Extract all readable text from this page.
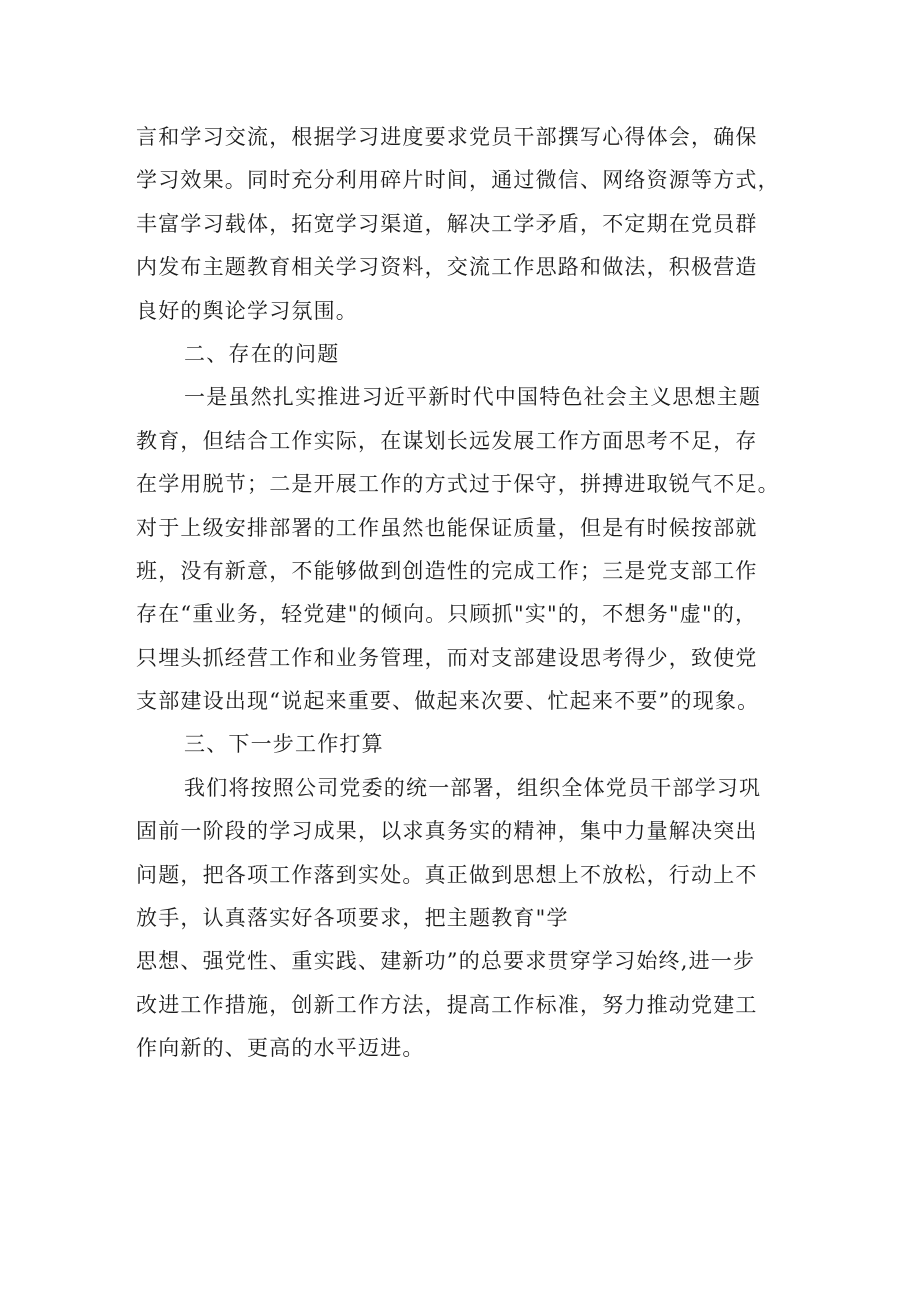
言和学习交流，根据学习进度要求党员干部撰写心得体会，确保
学习效果。同时充分利用碎片时间，通过微信、网络资源等方式，
丰富学习载体，拓宽学习渠道，解决工学矛盾，不定期在党员群
内发布主题教育相关学习资料，交流工作思路和做法，积极营造
良好的舆论学习氛围。
二、存在的问题
一是虽然扎实推进习近平新时代中国特色社会主义思想主题
教育，但结合工作实际，在谋划长远发展工作方面思考不足，存
在学用脱节；二是开展工作的方式过于保守，拼搏进取锐气不足。
对于上级安排部署的工作虽然也能保证质量，但是有时候按部就
班，没有新意，不能够做到创造性的完成工作；三是党支部工作
存在“重业务，轻党建"的倾向。只顾抓"实"的，不想务"虚"的，
只埋头抓经营工作和业务管理，而对支部建设思考得少，致使党
支部建设出现“说起来重要、做起来次要、忙起来不要”的现象。
三、下一步工作打算
我们将按照公司党委的统一部署，组织全体党员干部学习巩
固前一阶段的学习成果，以求真务实的精神，集中力量解决突出
问题，把各项工作落到实处。真正做到思想上不放松，行动上不
放手，认真落实好各项要求，把主题教育"学
思想、强党性、重实践、建新功”的总要求贯穿学习始终,进一步
改进工作措施，创新工作方法，提高工作标准，努力推动党建工
作向新的、更高的水平迈进。
